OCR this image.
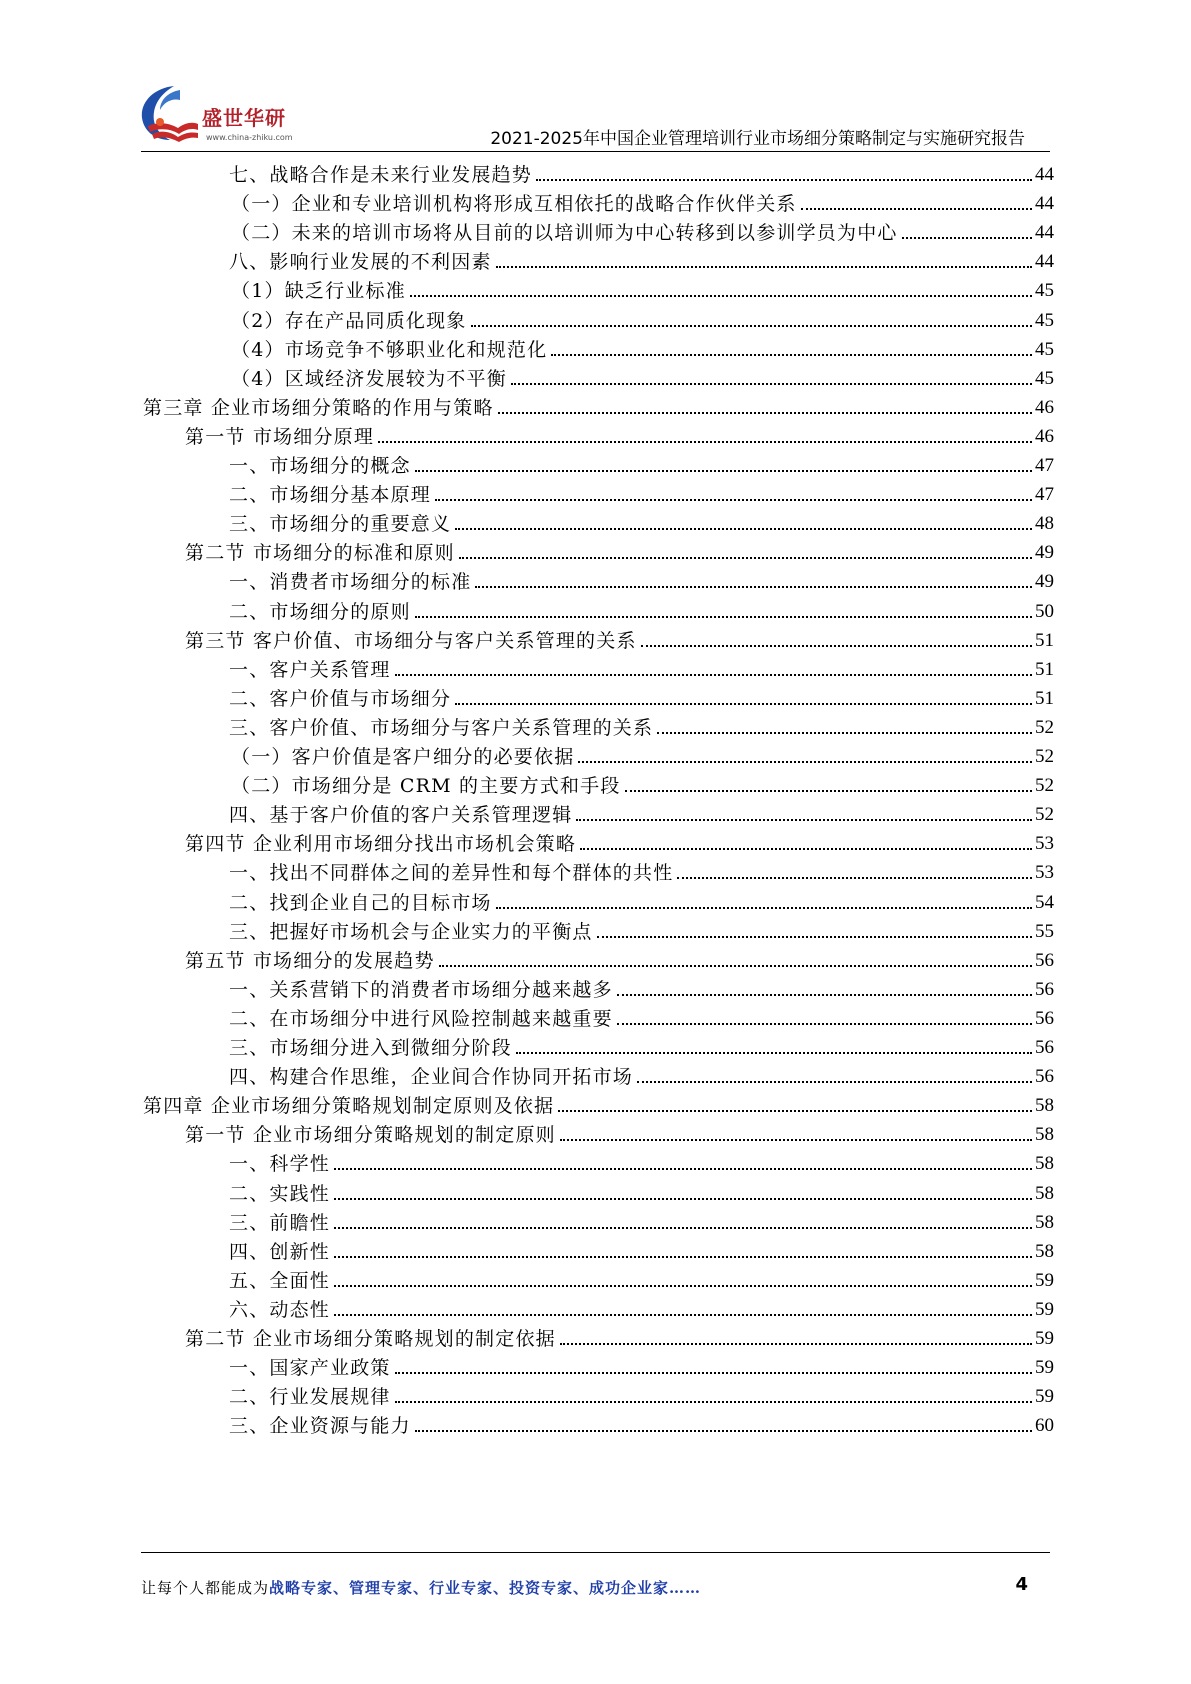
盛世华研
www.china-zhiku.com	2021-2025年中国企业管理培训行业市场细分策略制定与实施研究报告
七、战略合作是未来行业发展趋势	44
（一）企业和专业培训机构将形成互相依托的战略合作伙伴关系	44
（二）未来的培训市场将从目前的以培训师为中心转移到以参训学员为中心	44
八、影响行业发展的不利因素	44
（1）缺乏行业标准	45
（2）存在产品同质化现象	45
（4）市场竞争不够职业化和规范化	45
（4）区域经济发展较为不平衡	45
第三章 企业市场细分策略的作用与策略	46
第一节 市场细分原理	46
一、市场细分的概念	47
二、市场细分基本原理	47
三、市场细分的重要意义	48
第二节 市场细分的标准和原则	49
一、消费者市场细分的标准	49
二、市场细分的原则	50
第三节 客户价值、市场细分与客户关系管理的关系	51
一、客户关系管理	51
二、客户价值与市场细分	51
三、客户价值、市场细分与客户关系管理的关系	52
（一）客户价值是客户细分的必要依据	52
（二）市场细分是 CRM 的主要方式和手段	52
四、基于客户价值的客户关系管理逻辑	52
第四节 企业利用市场细分找出市场机会策略	53
一、找出不同群体之间的差异性和每个群体的共性	53
二、找到企业自己的目标市场	54
三、把握好市场机会与企业实力的平衡点	55
第五节 市场细分的发展趋势	56
一、关系营销下的消费者市场细分越来越多	56
二、在市场细分中进行风险控制越来越重要	56
三、市场细分进入到微细分阶段	56
四、构建合作思维，企业间合作协同开拓市场	56
第四章 企业市场细分策略规划制定原则及依据	58
第一节 企业市场细分策略规划的制定原则	58
一、科学性	58
二、实践性	58
三、前瞻性	58
四、创新性	58
五、全面性	59
六、动态性	59
第二节 企业市场细分策略规划的制定依据	59
一、国家产业政策	59
二、行业发展规律	59
三、企业资源与能力	60
让每个人都能成为战略专家、管理专家、行业专家、投资专家、成功企业家……	4
